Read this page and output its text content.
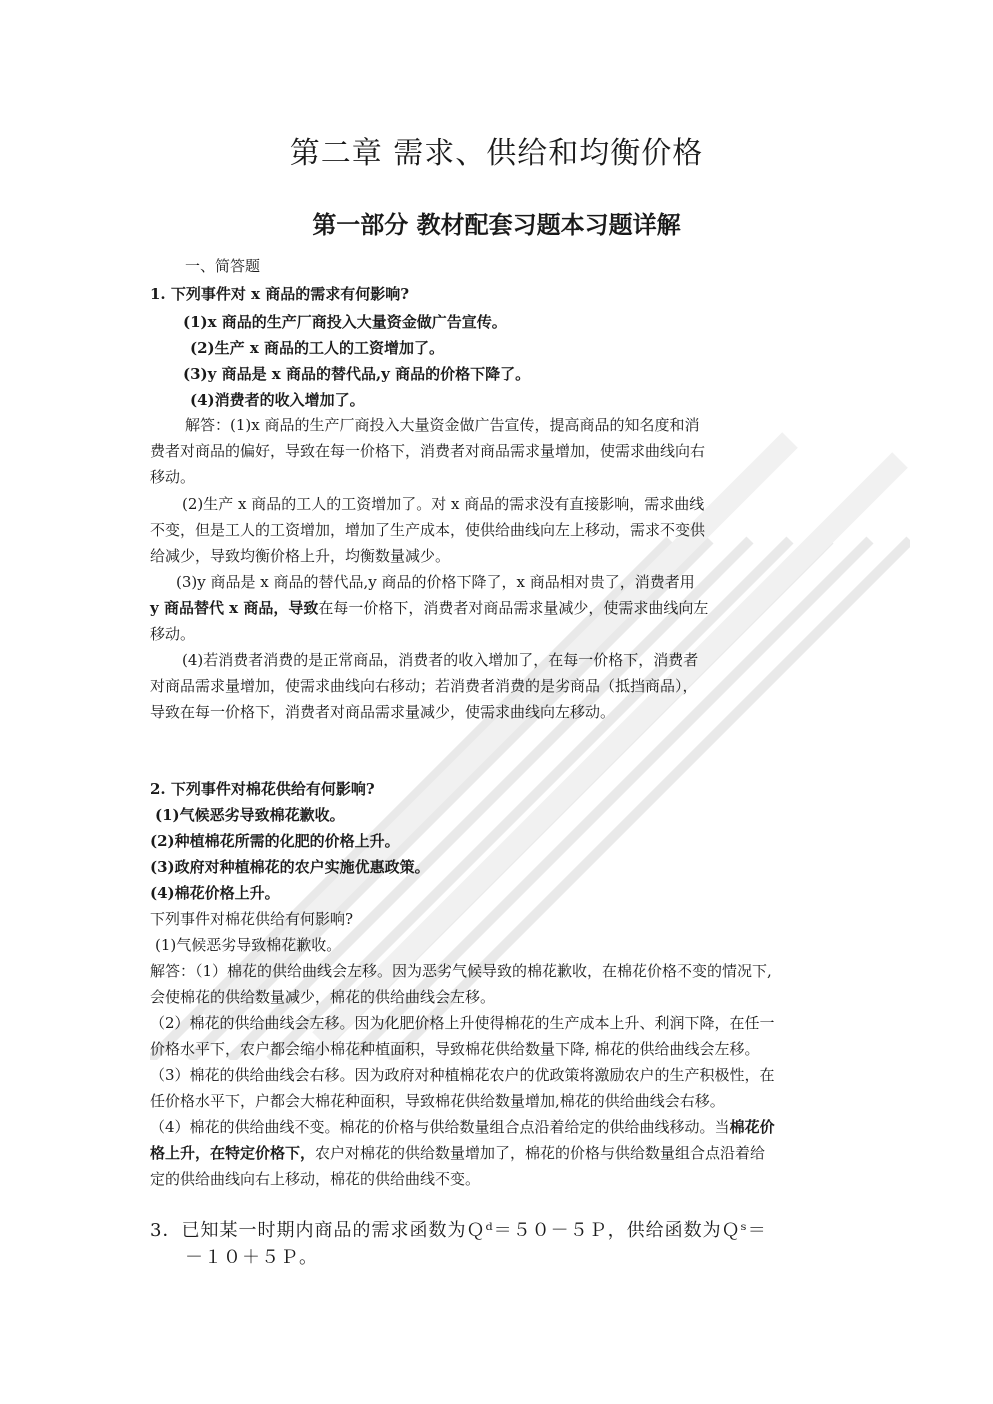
第二章 需求、供给和均衡价格
第一部分 教材配套习题本习题详解
一、简答题
1. 下列事件对 x 商品的需求有何影响?
(1)x 商品的生产厂商投入大量资金做广告宣传。
(2)生产 x 商品的工人的工资增加了。
(3)y 商品是 x 商品的替代品,y 商品的价格下降了。
(4)消费者的收入增加了。
解答：(1)x 商品的生产厂商投入大量资金做广告宣传，提高商品的知名度和消
费者对商品的偏好，导致在每一价格下，消费者对商品需求量增加，使需求曲线向右
移动。
(2)生产 x 商品的工人的工资增加了。对 x 商品的需求没有直接影响，需求曲线
不变，但是工人的工资增加，增加了生产成本，使供给曲线向左上移动，需求不变供
给减少，导致均衡价格上升，均衡数量减少。
(3)y 商品是 x 商品的替代品,y 商品的价格下降了，x 商品相对贵了，消费者用
y 商品替代 x 商品，导致在每一价格下，消费者对商品需求量减少，使需求曲线向左
移动。
(4)若消费者消费的是正常商品，消费者的收入增加了，在每一价格下，消费者
对商品需求量增加，使需求曲线向右移动；若消费者消费的是劣商品（抵挡商品），
导致在每一价格下，消费者对商品需求量减少，使需求曲线向左移动。
2. 下列事件对棉花供给有何影响?
(1)气候恶劣导致棉花歉收。
(2)种植棉花所需的化肥的价格上升。
(3)政府对种植棉花的农户实施优惠政策。
(4)棉花价格上升。
下列事件对棉花供给有何影响?
(1)气候恶劣导致棉花歉收。
解答：（1）棉花的供给曲线会左移。因为恶劣气候导致的棉花歉收，在棉花价格不变的情况下,
会使棉花的供给数量减少，棉花的供给曲线会左移。
（2）棉花的供给曲线会左移。因为化肥价格上升使得棉花的生产成本上升、利润下降，在任一
价格水平下，农户都会缩小棉花种植面积，导致棉花供给数量下降, 棉花的供给曲线会左移。
（3）棉花的供给曲线会右移。因为政府对种植棉花农户的优政策将激励农户的生产积极性，在
任价格水平下，户都会大棉花种面积，导致棉花供给数量增加,棉花的供给曲线会右移。
（4）棉花的供给曲线不变。棉花的价格与供给数量组合点沿着给定的供给曲线移动。当棉花价
格上升，在特定价格下，农户对棉花的供给数量增加了，棉花的价格与供给数量组合点沿着给
定的供给曲线向右上移动，棉花的供给曲线不变。
3．已知某一时期内商品的需求函数为Ｑᵈ＝５０－５Ｐ，供给函数为Ｑˢ＝
－１０＋５Ｐ。
